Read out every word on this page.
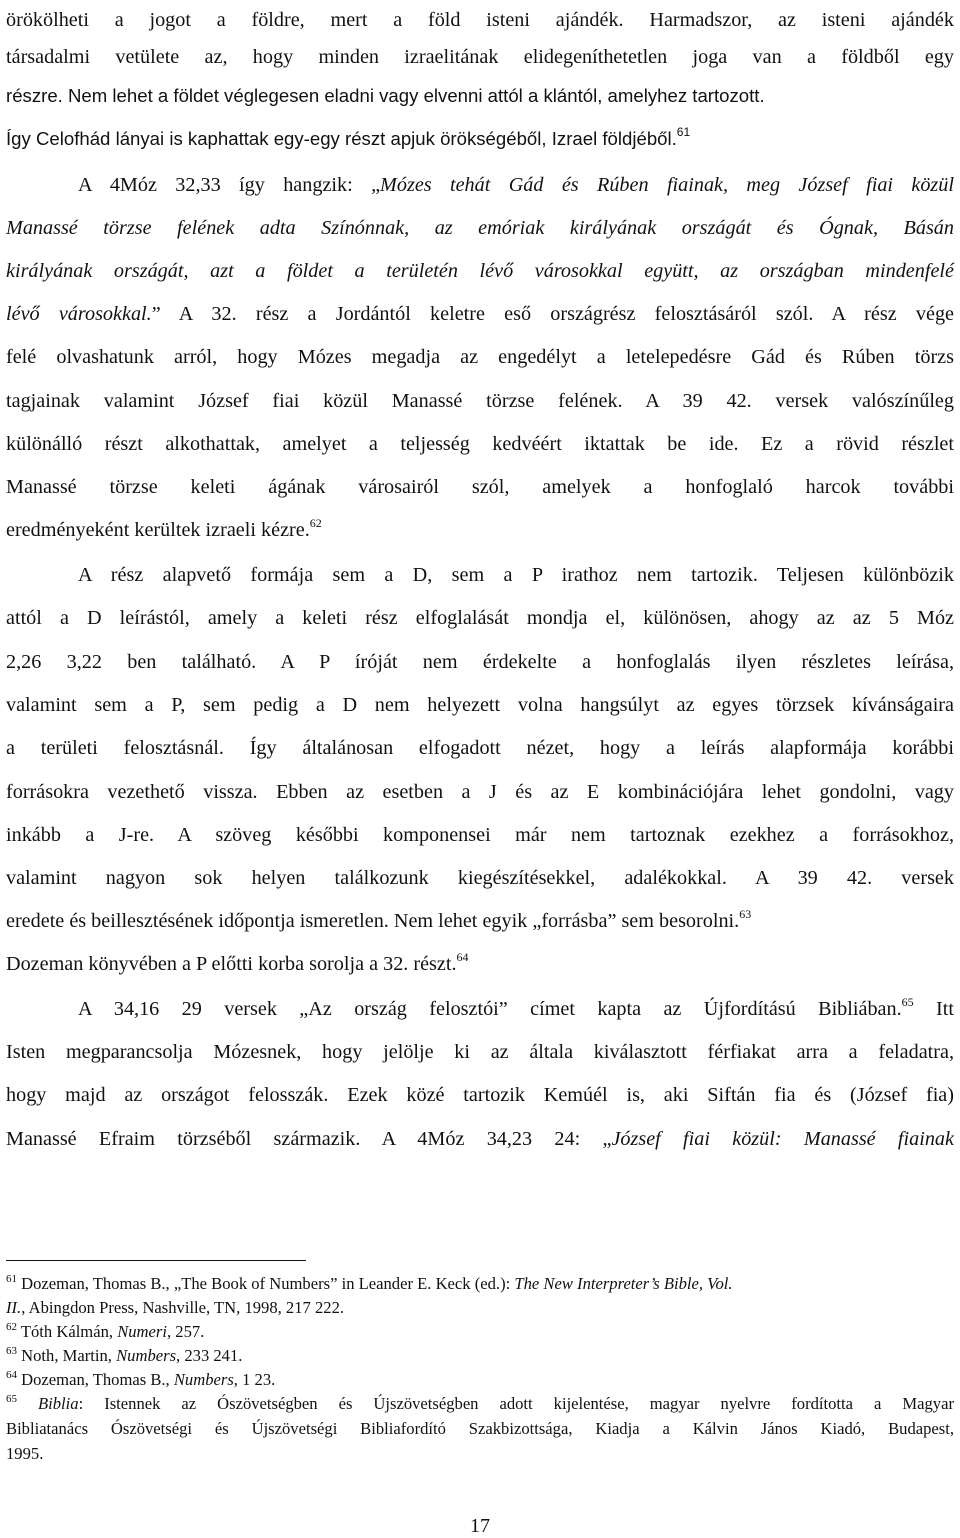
örökölheti a jogot a földre, mert a föld isteni ajándék. Harmadszor, az isteni ajándék
társadalmi vetülete az, hogy minden izraelitának elidegeníthetetlen joga van a földből egy
részre. Nem lehet a földet véglegesen eladni vagy elvenni attól a klántól, amelyhez tartozott.
Így Celofhád lányai is kaphattak egy-egy részt apjuk örökségéből, Izrael földjéből.$^{61}$
A 4Móz 32,33 így hangzik: „Mózes tehát Gád és Rúben fiainak, meg József fiai közül
Manassé törzse felének adta Színónnak, az emóriak királyának országát és Ógnak, Básán
királyának országát, azt a földet a területén lévő városokkal együtt, az országban mindenfelé
lévő városokkal.” A 32. rész a Jordántól keletre eső országrész felosztásáról szól. A rész vége
felé olvashatunk arról, hogy Mózes megadja az engedélyt a letelepedésre Gád és Rúben törzs
tagjainak valamint József fiai közül Manassé törzse felének. A 39 42. versek valószínűleg
különálló részt alkothattak, amelyet a teljesség kedvéért iktattak be ide. Ez a rövid részlet
Manassé törzse keleti ágának városairól szól, amelyek a honfoglaló harcok további
eredményeként kerültek izraeli kézre.$^{62}$
A rész alapvető formája sem a D, sem a P irathoz nem tartozik. Teljesen különbözik
attól a D leírástól, amely a keleti rész elfoglalását mondja el, különösen, ahogy az az 5 Móz
2,26 3,22 ben található. A P íróját nem érdekelte a honfoglalás ilyen részletes leírása,
valamint sem a P, sem pedig a D nem helyezett volna hangsúlyt az egyes törzsek kívánságaira
a területi felosztásnál. Így általánosan elfogadott nézet, hogy a leírás alapformája korábbi
forrásokra vezethető vissza. Ebben az esetben a J és az E kombinációjára lehet gondolni, vagy
inkább a J-re. A szöveg későbbi komponensei már nem tartoznak ezekhez a forrásokhoz,
valamint nagyon sok helyen találkozunk kiegészítésekkel, adalékokkal. A 39 42. versek
eredete és beillesztésének időpontja ismeretlen. Nem lehet egyik „forrásba” sem besorolni.$^{63}$
Dozeman könyvében a P előtti korba sorolja a 32. részt.$^{64}$
A 34,16 29 versek „Az ország felosztói” címet kapta az Újfordítású Bibliában.$^{65}$ Itt
Isten megparancsolja Mózesnek, hogy jelölje ki az általa kiválasztott férfiakat arra a feladatra,
hogy majd az országot felosszák. Ezek közé tartozik Kemúél is, aki Siftán fia és (József fia)
Manassé Efraim törzséből származik. A 4Móz 34,23 24: „József fiai közül: Manassé fiainak
$^{61}$ Dozeman, Thomas B., „The Book of Numbers” in Leander E. Keck (ed.): The New Interpreter’s Bible, Vol.
II., Abingdon Press, Nashville, TN, 1998, 217 222.
$^{62}$ Tóth Kálmán, Numeri, 257.
$^{63}$ Noth, Martin, Numbers, 233 241.
$^{64}$ Dozeman, Thomas B., Numbers, 1 23.
$^{65}$ Biblia: Istennek az Ószövetségben és Újszövetségben adott kijelentése, magyar nyelvre fordította a Magyar
Bibliatanács Ószövetségi és Újszövetségi Bibliafordító Szakbizottsága, Kiadja a Kálvin János Kiadó, Budapest,
1995.
17
